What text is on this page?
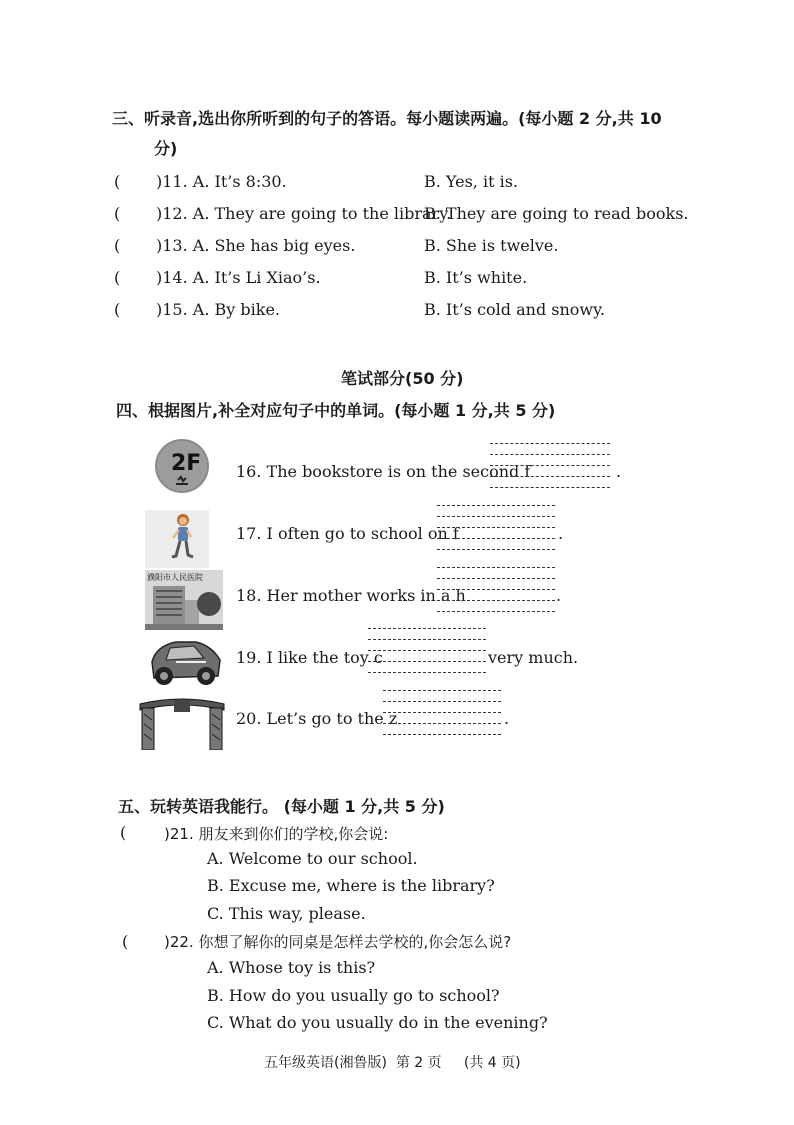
三、听录音,选出你所听到的句子的答语。每小题读两遍。(每小题 2 分,共 10
分)
( )11. A. It’s 8:30.	B. Yes, it is.
( )12. A. They are going to the library.
B. They are going to read books.
( )13. A. She has big eyes.	B. She is twelve.
( )14. A. It’s Li Xiao’s.	B. It’s white.
( )15. A. By bike.	B. It’s cold and snowy.
笔试部分(50 分)
四、根据图片,补全对应句子中的单词。(每小题 1 分,共 5 分)
2F 16. The bookstore is on the second f	.
17. I often go to school on f	.
濮阳市人民医院
18. Her mother works in a h	.
19. I like the toy c	very much.
20. Let’s go to the z	.
五、玩转英语我能行。 (每小题 1 分,共 5 分)
(	)21. 朋友来到你们的学校,你会说:
A. Welcome to our school.
B. Excuse me, where is the library?
C. This way, please.
( )22. 你想了解你的同桌是怎样去学校的,你会怎么说?
A. Whose toy is this?
B. How do you usually go to school?
C. What do you usually do in the evening?
五年级英语(湘鲁版)  第 2 页     (共 4 页)
